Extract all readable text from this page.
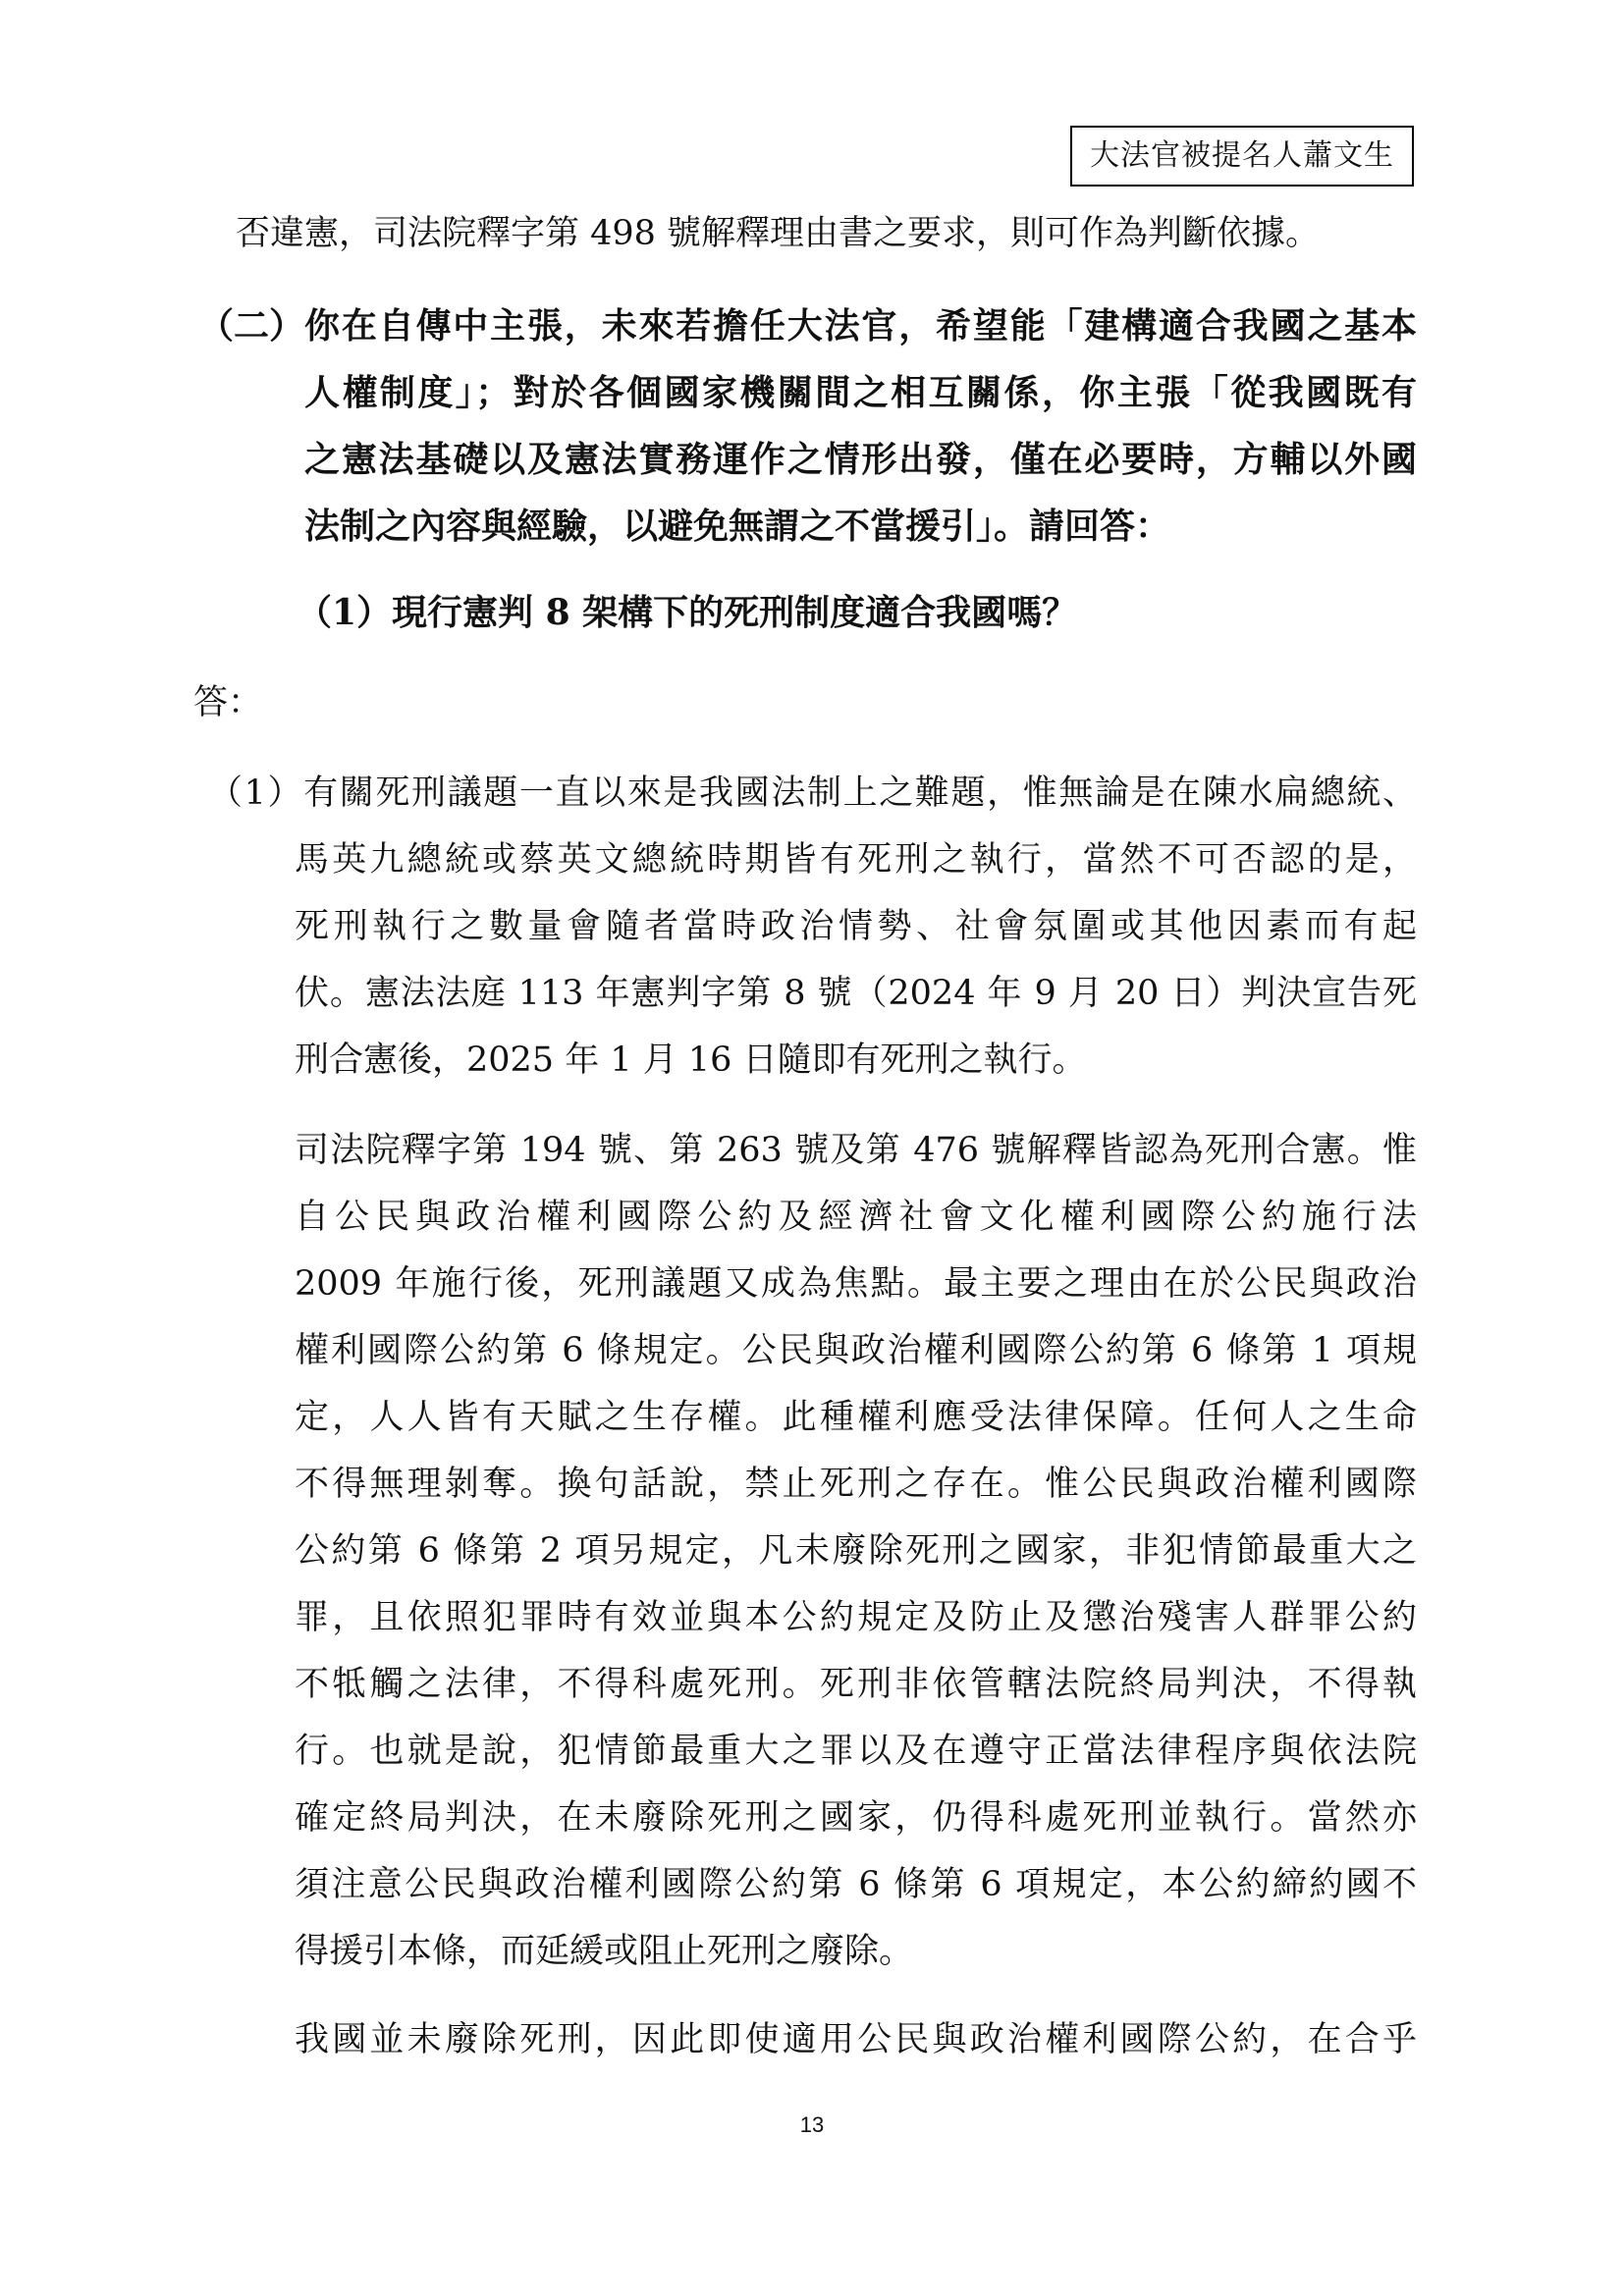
大法官被提名人蕭文生
否違憲，司法院釋字第 498 號解釋理由書之要求，則可作為判斷依據。
（二） 你在自傳中主張，未來若擔任大法官，希望能「建構適合我國之基本
人權制度」；對於各個國家機關間之相互關係，你主張「從我國既有
之憲法基礎以及憲法實務運作之情形出發，僅在必要時，方輔以外國
法制之內容與經驗，以避免無謂之不當援引」。請回答：
（1）現行憲判 8 架構下的死刑制度適合我國嗎？
答：
（1）有關死刑議題一直以來是我國法制上之難題，惟無論是在陳水扁總統、
馬英九總統或蔡英文總統時期皆有死刑之執行，當然不可否認的是，
死刑執行之數量會隨者當時政治情勢、社會氛圍或其他因素而有起
伏。憲法法庭 113 年憲判字第 8 號（2024 年 9 月 20 日）判決宣告死
刑合憲後，2025 年 1 月 16 日隨即有死刑之執行。
司法院釋字第 194 號、第 263 號及第 476 號解釋皆認為死刑合憲。惟
自公民與政治權利國際公約及經濟社會文化權利國際公約施行法
2009 年施行後，死刑議題又成為焦點。最主要之理由在於公民與政治
權利國際公約第 6 條規定。公民與政治權利國際公約第 6 條第 1 項規
定，人人皆有天賦之生存權。此種權利應受法律保障。任何人之生命
不得無理剝奪。換句話說，禁止死刑之存在。惟公民與政治權利國際
公約第 6 條第 2 項另規定，凡未廢除死刑之國家，非犯情節最重大之
罪，且依照犯罪時有效並與本公約規定及防止及懲治殘害人群罪公約
不牴觸之法律，不得科處死刑。死刑非依管轄法院終局判決，不得執
行。也就是說，犯情節最重大之罪以及在遵守正當法律程序與依法院
確定終局判決，在未廢除死刑之國家，仍得科處死刑並執行。當然亦
須注意公民與政治權利國際公約第 6 條第 6 項規定，本公約締約國不
得援引本條，而延緩或阻止死刑之廢除。
我國並未廢除死刑，因此即使適用公民與政治權利國際公約，在合乎
13
